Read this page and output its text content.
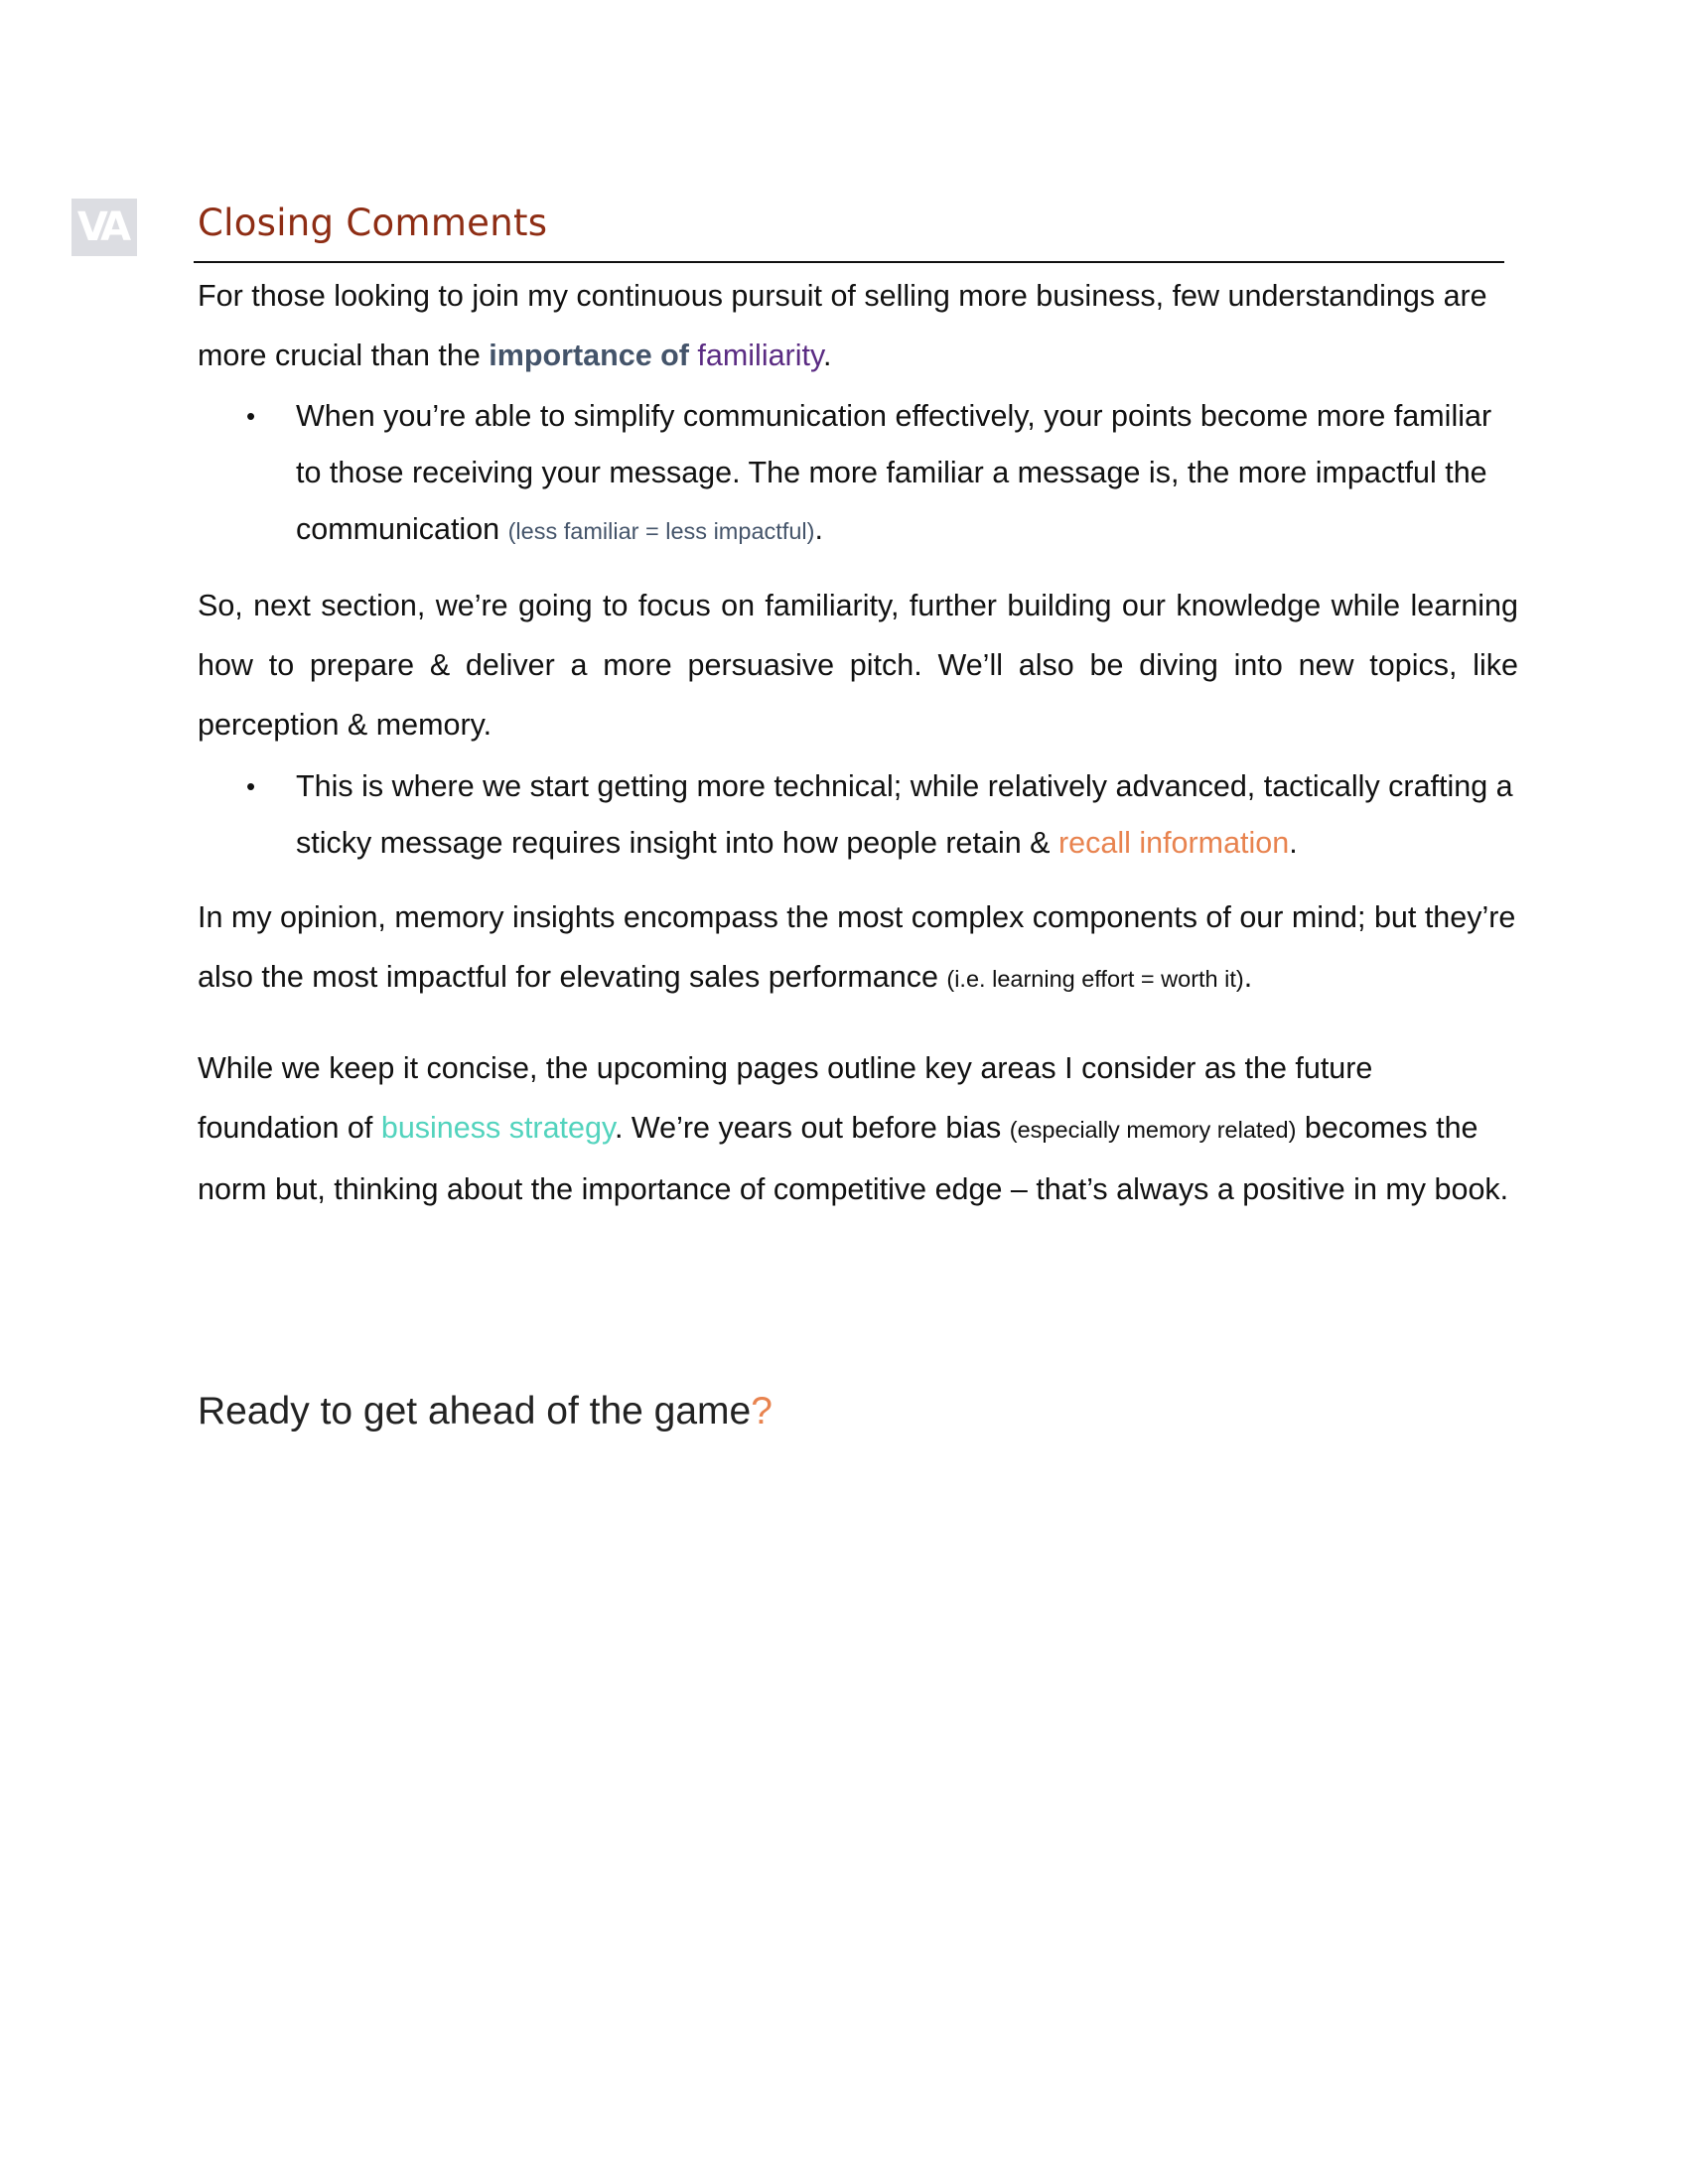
VA Closing Comments

For those looking to join my continuous pursuit of selling more business, few understandings are more crucial than the importance of familiarity.

• When you’re able to simplify communication effectively, your points become more familiar to those receiving your message. The more familiar a message is, the more impactful the communication (less familiar = less impactful).

So, next section, we’re going to focus on familiarity, further building our knowledge while learning how to prepare & deliver a more persuasive pitch. We’ll also be diving into new topics, like perception & memory.

• This is where we start getting more technical; while relatively advanced, tactically crafting a sticky message requires insight into how people retain & recall information.

In my opinion, memory insights encompass the most complex components of our mind; but they’re also the most impactful for elevating sales performance (i.e. learning effort = worth it).

While we keep it concise, the upcoming pages outline key areas I consider as the future foundation of business strategy. We’re years out before bias (especially memory related) becomes the norm but, thinking about the importance of competitive edge – that’s always a positive in my book.

Ready to get ahead of the game?
